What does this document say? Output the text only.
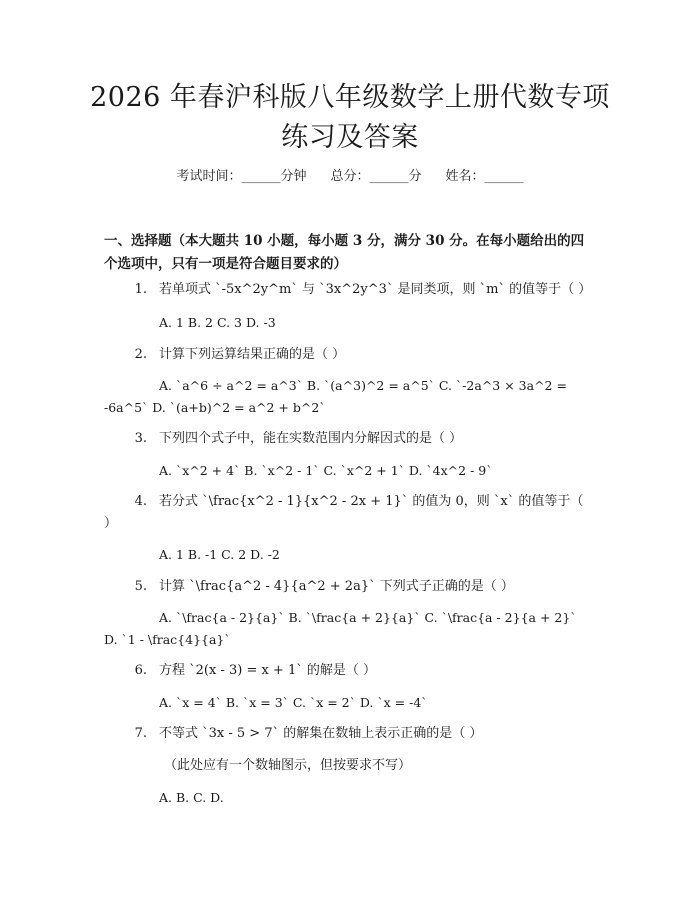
2026 年春沪科版八年级数学上册代数专项练习及答案
考试时间：______分钟 总分：______分 姓名：______
一、选择题（本大题共 10 小题，每小题 3 分，满分 30 分。在每小题给出的四个选项中，只有一项是符合题目要求的）
1. 若单项式 `-5x^2y^m` 与 `3x^2y^3` 是同类项，则 `m` 的值等于（ ）
A. 1 B. 2 C. 3 D. -3
2. 计算下列运算结果正确的是（ ）
A. `a^6 ÷ a^2 = a^3` B. `(a^3)^2 = a^5` C. `-2a^3 × 3a^2 = -6a^5` D. `(a+b)^2 = a^2 + b^2`
3. 下列四个式子中，能在实数范围内分解因式的是（ ）
A. `x^2 + 4` B. `x^2 - 1` C. `x^2 + 1` D. `4x^2 - 9`
4. 若分式 `\frac{x^2 - 1}{x^2 - 2x + 1}` 的值为 0，则 `x` 的值等于（ ）
A. 1 B. -1 C. 2 D. -2
5. 计算 `\frac{a^2 - 4}{a^2 + 2a}` 下列式子正确的是（ ）
A. `\frac{a - 2}{a}` B. `\frac{a + 2}{a}` C. `\frac{a - 2}{a + 2}` D. `1 - \frac{4}{a}`
6. 方程 `2(x - 3) = x + 1` 的解是（ ）
A. `x = 4` B. `x = 3` C. `x = 2` D. `x = -4`
7. 不等式 `3x - 5 > 7` 的解集在数轴上表示正确的是（ ）
（此处应有一个数轴图示，但按要求不写）
A. B. C. D.
